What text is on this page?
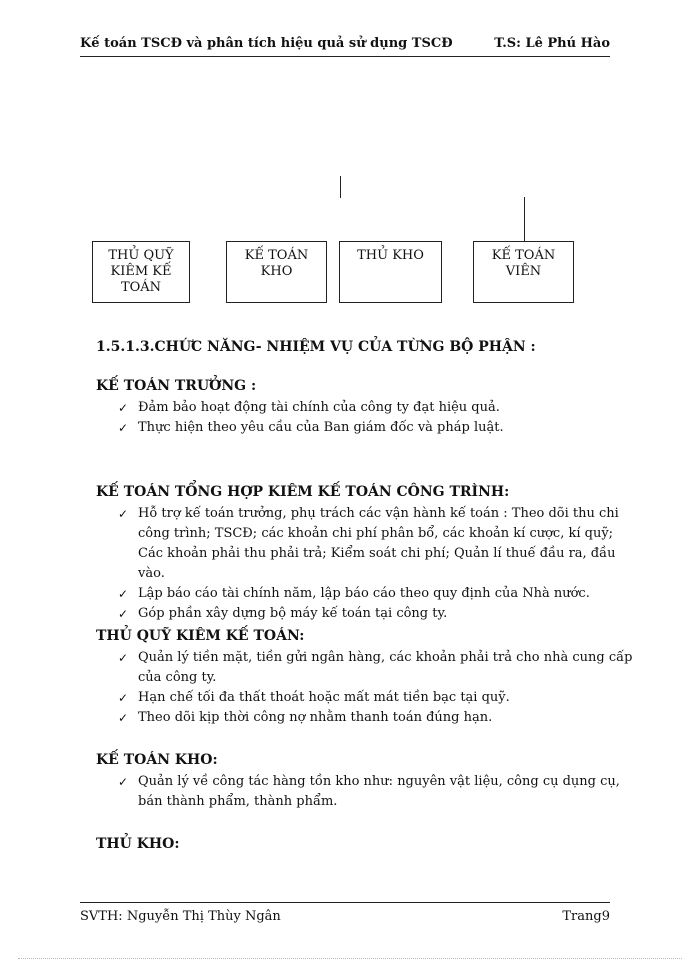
Kế toán TSCĐ và phân tích hiệu quả sử dụng TSCĐ	T.S: Lê Phú Hào
THỦ QUỸ
KIÊM KẾ
TOÁN
KẾ TOÁN
KHO
THỦ KHO	KẾ TOÁN
VIÊN
1.5.1.3.CHỨC NĂNG- NHIỆM VỤ CỦA TỪNG BỘ PHẬN :
KẾ TOÁN TRƯỞNG :
✓ Đảm bảo hoạt động tài chính của công ty đạt hiệu quả.
✓ Thực hiện theo yêu cầu của Ban giám đốc và pháp luật.
KẾ TOÁN TỔNG HỢP KIÊM KẾ TOÁN CÔNG TRÌNH:
✓ Hỗ trợ kế toán trưởng, phụ trách các vận hành kế toán : Theo dõi thu chi công trình; TSCĐ; các khoản chi phí phân bổ, các khoản kí cược, kí quỹ; Các khoản phải thu phải trả; Kiểm soát chi phí; Quản lí thuế đầu ra, đầu vào.
✓ Lập báo cáo tài chính năm, lập báo cáo theo quy định của Nhà nước.
✓ Góp phần xây dựng bộ máy kế toán tại công ty.
THỦ QUỸ KIÊM KẾ TOÁN:
✓ Quản lý tiền mặt, tiền gửi ngân hàng, các khoản phải trả cho nhà cung cấp của công ty.
✓ Hạn chế tối đa thất thoát hoặc mất mát tiền bạc tại quỹ.
✓ Theo dõi kịp thời công nợ nhằm thanh toán đúng hạn.
KẾ TOÁN KHO:
✓ Quản lý về công tác hàng tồn kho như: nguyên vật liệu, công cụ dụng cụ, bán thành phẩm, thành phẩm.
THỦ KHO:
SVTH: Nguyễn Thị Thùy Ngân	Trang9
